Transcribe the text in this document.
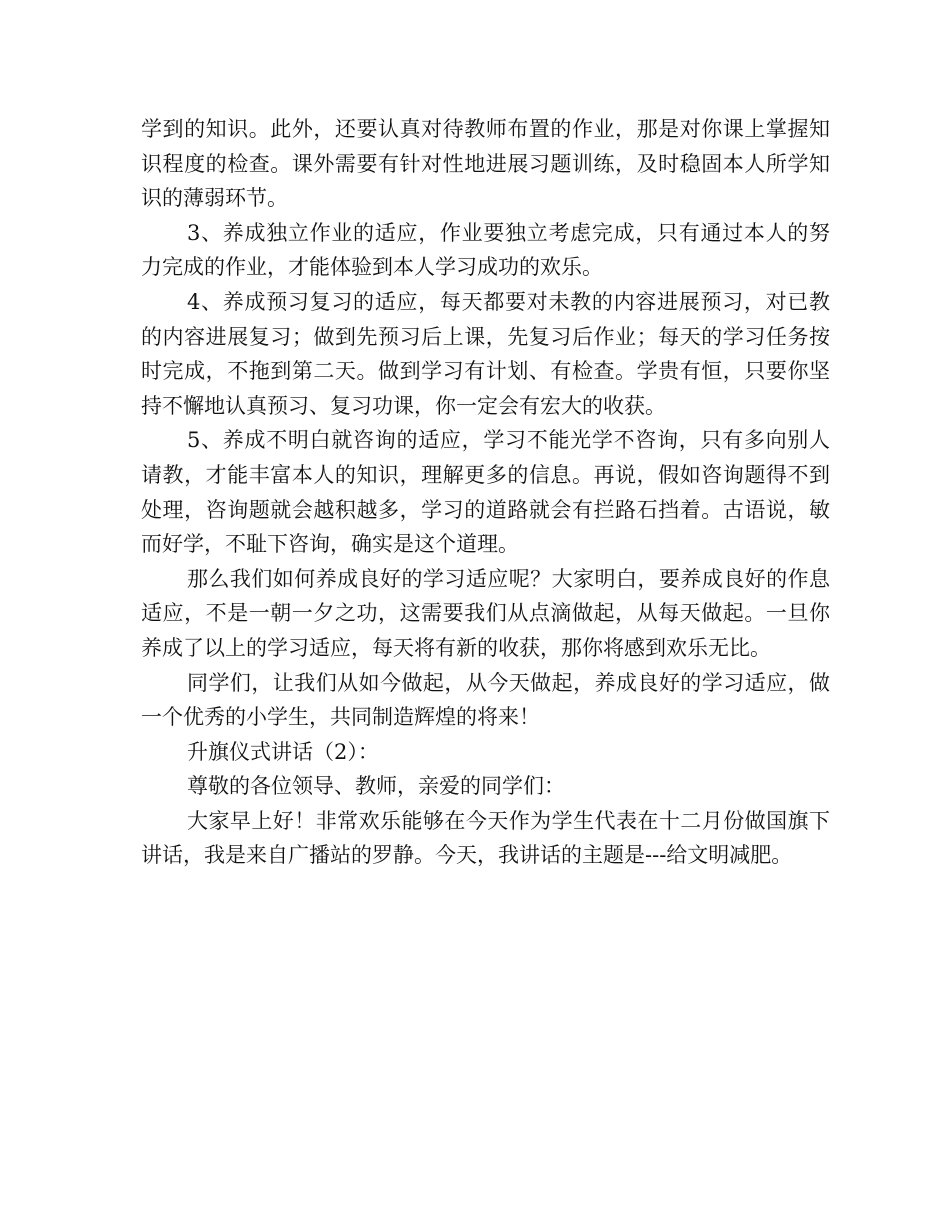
学到的知识。此外，还要认真对待教师布置的作业，那是对你课上掌握知识程度的检查。课外需要有针对性地进展习题训练，及时稳固本人所学知识的薄弱环节。

3、养成独立作业的适应，作业要独立考虑完成，只有通过本人的努力完成的作业，才能体验到本人学习成功的欢乐。

4、养成预习复习的适应，每天都要对未教的内容进展预习，对已教的内容进展复习；做到先预习后上课，先复习后作业；每天的学习任务按时完成，不拖到第二天。做到学习有计划、有检查。学贵有恒，只要你坚持不懈地认真预习、复习功课，你一定会有宏大的收获。

5、养成不明白就咨询的适应，学习不能光学不咨询，只有多向别人请教，才能丰富本人的知识，理解更多的信息。再说，假如咨询题得不到处理，咨询题就会越积越多，学习的道路就会有拦路石挡着。古语说，敏而好学，不耻下咨询，确实是这个道理。

那么我们如何养成良好的学习适应呢？大家明白，要养成良好的作息适应，不是一朝一夕之功，这需要我们从点滴做起，从每天做起。一旦你养成了以上的学习适应，每天将有新的收获，那你将感到欢乐无比。

同学们，让我们从如今做起，从今天做起，养成良好的学习适应，做一个优秀的小学生，共同制造辉煌的将来！

升旗仪式讲话（2）：

尊敬的各位领导、教师，亲爱的同学们：

大家早上好！非常欢乐能够在今天作为学生代表在十二月份做国旗下讲话，我是来自广播站的罗静。今天，我讲话的主题是---给文明减肥。
